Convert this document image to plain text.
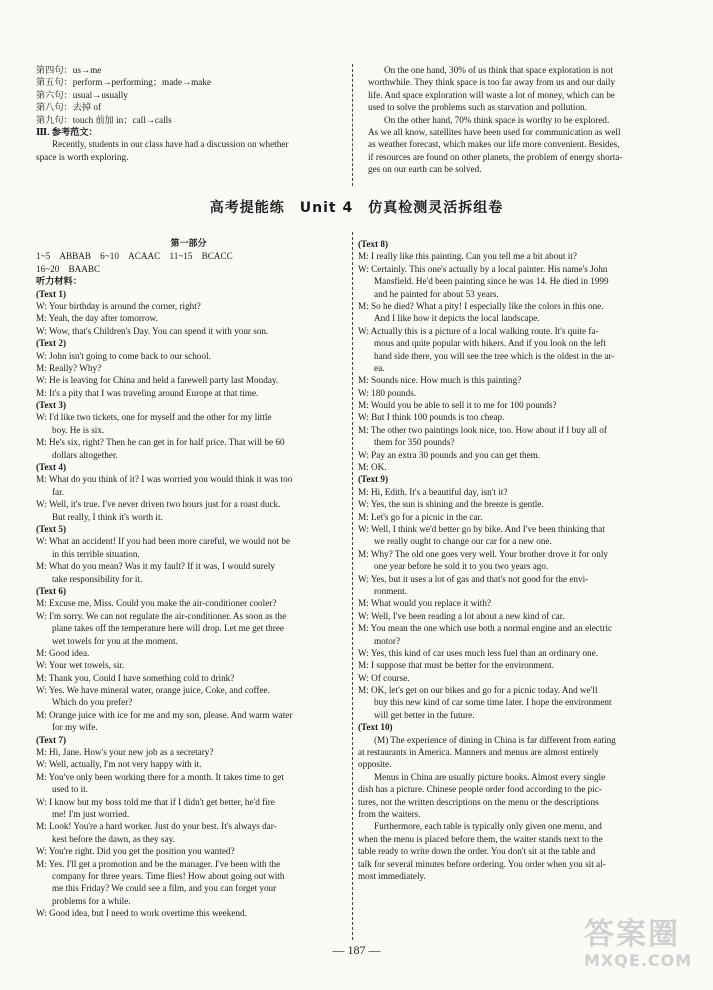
第四句：us→me
第五句：perform→performing；made→make
第六句：usual→usually
第八句：去掉 of
第九句：touch 前加 in；call→calls
Ⅲ. 参考范文：
Recently, students in our class have had a discussion on whether
space is worth exploring.
On the one hand, 30% of us think that space exploration is not
worthwhile. They think space is too far away from us and our daily
life. And space exploration will waste a lot of money, which can be
used to solve the problems such as starvation and pollution.
On the other hand, 70% think space is worthy to be explored.
As we all know, satellites have been used for communication as well
as weather forecast, which makes our life more convenient. Besides,
if resources are found on other planets, the problem of energy shorta-
ges on our earth can be solved.
高考提能练　Unit 4　仿真检测灵活拆组卷
第一部分
1~5　ABBAB　6~10　ACAAC　11~15　BCACC
16~20　BAABC
听力材料：
(Text 1)
W: Your birthday is around the corner, right?
M: Yeah, the day after tomorrow.
W: Wow, that's Children's Day. You can spend it with your son.
(Text 2)
W: John isn't going to come back to our school.
M: Really? Why?
W: He is leaving for China and held a farewell party last Monday.
M: It's a pity that I was traveling around Europe at that time.
(Text 3)
W: I'd like two tickets, one for myself and the other for my little
boy. He is six.
M: He's six, right? Then he can get in for half price. That will be 60
dollars altogether.
(Text 4)
M: What do you think of it? I was worried you would think it was too
far.
W: Well, it's true. I've never driven two hours just for a roast duck.
But really, I think it's worth it.
(Text 5)
W: What an accident! If you had been more careful, we would not be
in this terrible situation.
M: What do you mean? Was it my fault? If it was, I would surely
take responsibility for it.
(Text 6)
M: Excuse me, Miss. Could you make the air-conditioner cooler?
W: I'm sorry. We can not regulate the air-conditioner. As soon as the
plane takes off the temperature here will drop. Let me get three
wet towels for you at the moment.
M: Good idea.
W: Your wet towels, sir.
M: Thank you. Could I have something cold to drink?
W: Yes. We have mineral water, orange juice, Coke, and coffee.
Which do you prefer?
M: Orange juice with ice for me and my son, please. And warm water
for my wife.
(Text 7)
M: Hi, Jane. How's your new job as a secretary?
W: Well, actually, I'm not very happy with it.
M: You've only been working there for a month. It takes time to get
used to it.
W: I know but my boss told me that if I didn't get better, he'd fire
me! I'm just worried.
M: Look! You're a hard worker. Just do your best. It's always dar-
kest before the dawn, as they say.
W: You're right. Did you get the position you wanted?
M: Yes. I'll get a promotion and be the manager. I've been with the
company for three years. Time flies! How about going out with
me this Friday? We could see a film, and you can forget your
problems for a while.
W: Good idea, but I need to work overtime this weekend.
(Text 8)
M: I really like this painting. Can you tell me a bit about it?
W: Certainly. This one's actually by a local painter. His name's John
Mansfield. He'd been painting since he was 14. He died in 1999
and he painted for about 53 years.
M: So he died? What a pity! I especially like the colors in this one.
And I like how it depicts the local landscape.
W: Actually this is a picture of a local walking route. It's quite fa-
mous and quite popular with hikers. And if you look on the left
hand side there, you will see the tree which is the oldest in the ar-
ea.
M: Sounds nice. How much is this painting?
W: 180 pounds.
M: Would you be able to sell it to me for 100 pounds?
W: But I think 100 pounds is too cheap.
M: The other two paintings look nice, too. How about if I buy all of
them for 350 pounds?
W: Pay an extra 30 pounds and you can get them.
M: OK.
(Text 9)
M: Hi, Edith. It's a beautiful day, isn't it?
W: Yes, the sun is shining and the breeze is gentle.
M: Let's go for a picnic in the car.
W: Well, I think we'd better go by bike. And I've been thinking that
we really ought to change our car for a new one.
M: Why? The old one goes very well. Your brother drove it for only
one year before he sold it to you two years ago.
W: Yes, but it uses a lot of gas and that's not good for the envi-
ronment.
M: What would you replace it with?
W: Well, I've been reading a lot about a new kind of car.
M: You mean the one which use both a normal engine and an electric
motor?
W: Yes, this kind of car uses much less fuel than an ordinary one.
M: I suppose that must be better for the environment.
W: Of course.
M: OK, let's get on our bikes and go for a picnic today. And we'll
buy this new kind of car some time later. I hope the environment
will get better in the future.
(Text 10)
(M) The experience of dining in China is far different from eating
at restaurants in America. Manners and menus are almost entirely
opposite.
Menus in China are usually picture books. Almost every single
dish has a picture. Chinese people order food according to the pic-
tures, not the written descriptions on the menu or the descriptions
from the waiters.
Furthermore, each table is typically only given one menu, and
when the menu is placed before them, the waiter stands next to the
table ready to write down the order. You don't sit at the table and
talk for several minutes before ordering. You order when you sit al-
most immediately.
— 187 —	答案圈
MXQE.COM
